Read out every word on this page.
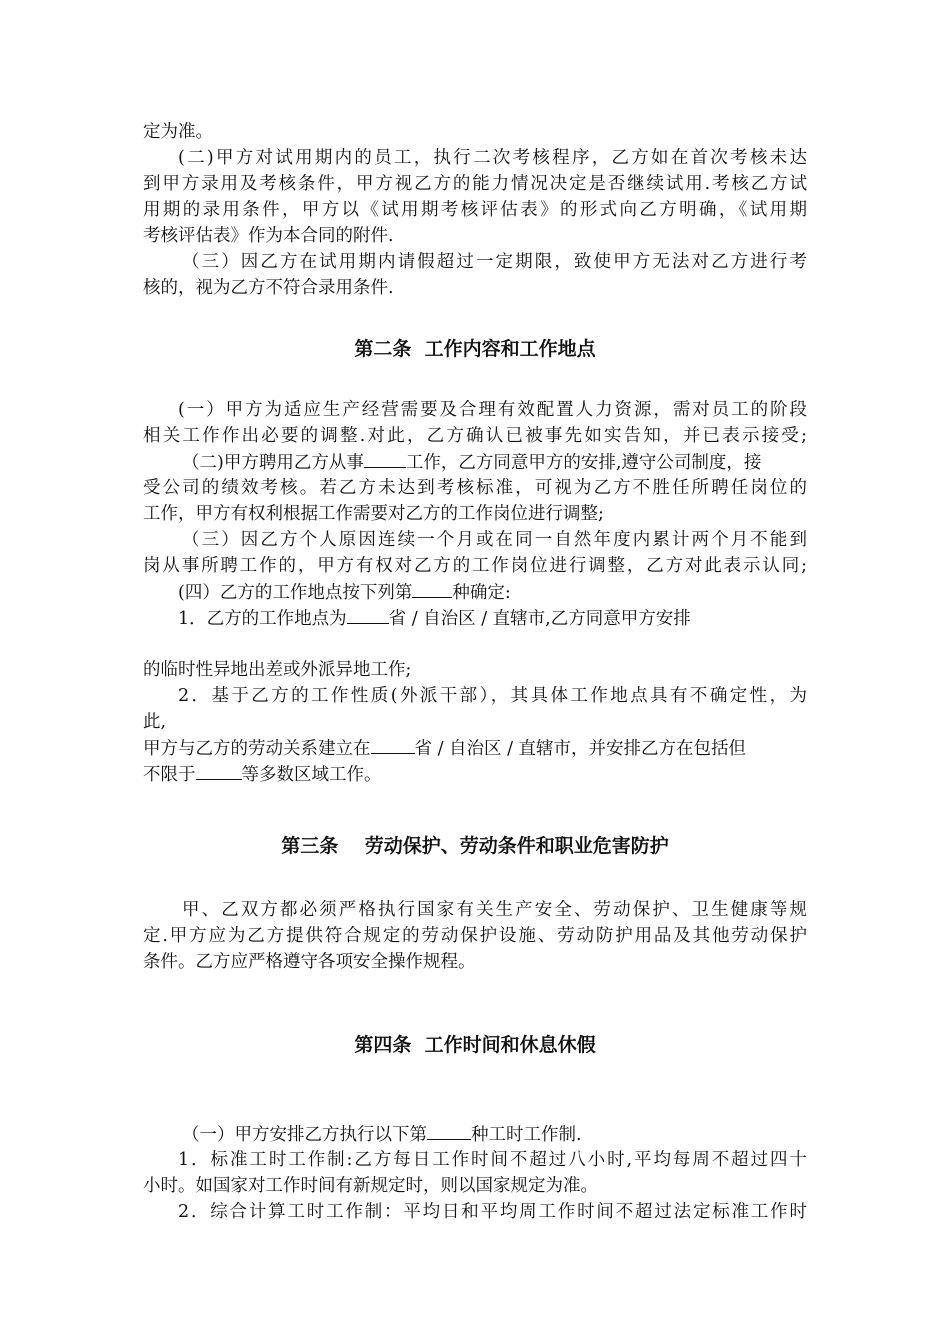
定为准。
(二)甲方对试用期内的员工，执行二次考核程序，乙方如在首次考核未达
到甲方录用及考核条件，甲方视乙方的能力情况决定是否继续试用.考核乙方试
用期的录用条件，甲方以《试用期考核评估表》的形式向乙方明确，《试用期
考核评估表》作为本合同的附件.
（三）因乙方在试用期内请假超过一定期限，致使甲方无法对乙方进行考
核的，视为乙方不符合录用条件.
第二条  工作内容和工作地点
(一）甲方为适应生产经营需要及合理有效配置人力资源，需对员工的阶段
相关工作作出必要的调整.对此，乙方确认已被事先如实告知，并已表示接受;
（二)甲方聘用乙方从事 工作，乙方同意甲方的安排,遵守公司制度，接
受公司的绩效考核。若乙方未达到考核标准，可视为乙方不胜任所聘任岗位的
工作，甲方有权利根据工作需要对乙方的工作岗位进行调整;
（三）因乙方个人原因连续一个月或在同一自然年度内累计两个月不能到
岗从事所聘工作的，甲方有权对乙方的工作岗位进行调整，乙方对此表示认同;
(四）乙方的工作地点按下列第 种确定:
1．乙方的工作地点为 省 / 自治区 / 直辖市,乙方同意甲方安排
的临时性异地出差或外派异地工作;
2．基于乙方的工作性质(外派干部），其具体工作地点具有不确定性，为
此,
甲方与乙方的劳动关系建立在	省 / 自治区 / 直辖市，并安排乙方在包括但
不限于	等多数区域工作。
第三条    劳动保护、劳动条件和职业危害防护
甲、乙双方都必须严格执行国家有关生产安全、劳动保护、卫生健康等规
定.甲方应为乙方提供符合规定的劳动保护设施、劳动防护用品及其他劳动保护
条件。乙方应严格遵守各项安全操作规程。
第四条  工作时间和休息休假
（一）甲方安排乙方执行以下第	种工时工作制.
1．标准工时工作制:乙方每日工作时间不超过八小时,平均每周不超过四十
小时。如国家对工作时间有新规定时，则以国家规定为准。
2．综合计算工时工作制：平均日和平均周工作时间不超过法定标准工作时
